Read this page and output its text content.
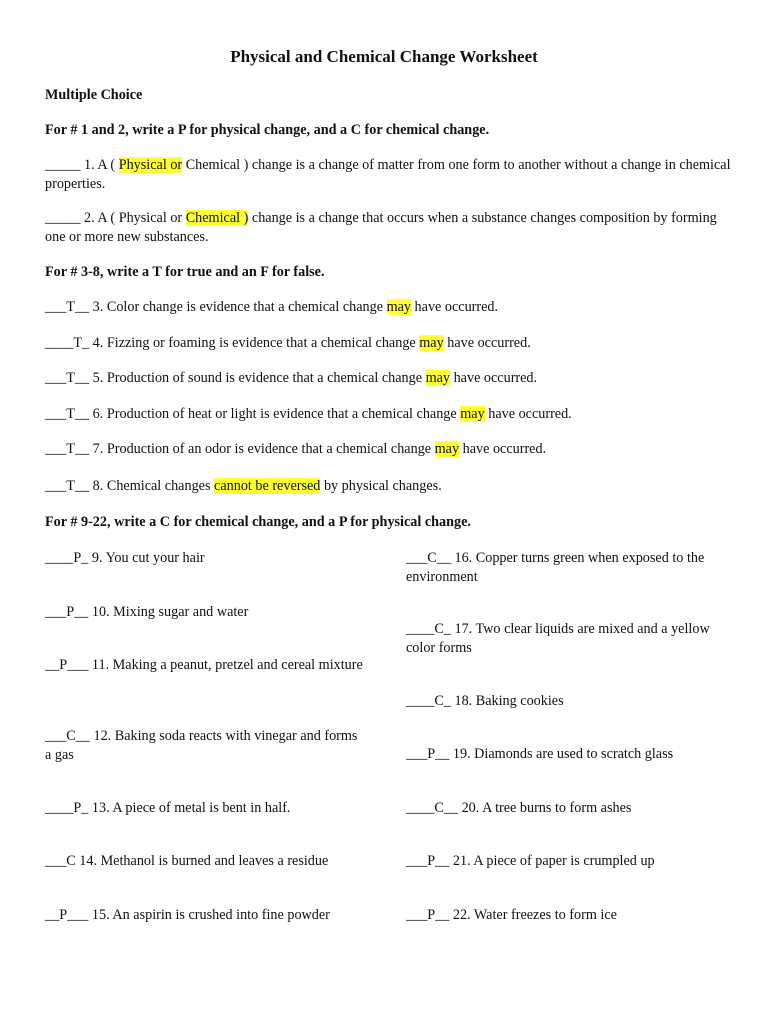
Physical and Chemical Change Worksheet
Multiple Choice
For # 1 and 2, write a P for physical change, and a C for chemical change.
_____ 1. A ( Physical or Chemical ) change is a change of matter from one form to another without a change in chemical properties.
_____ 2. A ( Physical or Chemical ) change is a change that occurs when a substance changes composition by forming one or more new substances.
For # 3-8, write a T for true and an F for false.
___T__ 3. Color change is evidence that a chemical change may have occurred.
____T_ 4. Fizzing or foaming is evidence that a chemical change may have occurred.
___T__ 5. Production of sound is evidence that a chemical change may have occurred.
___T__ 6. Production of heat or light is evidence that a chemical change may have occurred.
___T__ 7. Production of an odor is evidence that a chemical change may have occurred.
___T__ 8. Chemical changes cannot be reversed by physical changes.
For # 9-22, write a C for chemical change, and a P for physical change.
____P_ 9. You cut your hair
___P__ 10. Mixing sugar and water
__P___ 11. Making a peanut, pretzel and cereal mixture
___C__ 12. Baking soda reacts with vinegar and forms a gas
____P_ 13. A piece of metal is bent in half.
___C 14. Methanol is burned and leaves a residue
__P___ 15. An aspirin is crushed into fine powder
___C__ 16. Copper turns green when exposed to the environment
____C_ 17. Two clear liquids are mixed and a yellow color forms
____C_ 18. Baking cookies
___P__ 19. Diamonds are used to scratch glass
____C__ 20. A tree burns to form ashes
___P__ 21. A piece of paper is crumpled up
___P__ 22. Water freezes to form ice
